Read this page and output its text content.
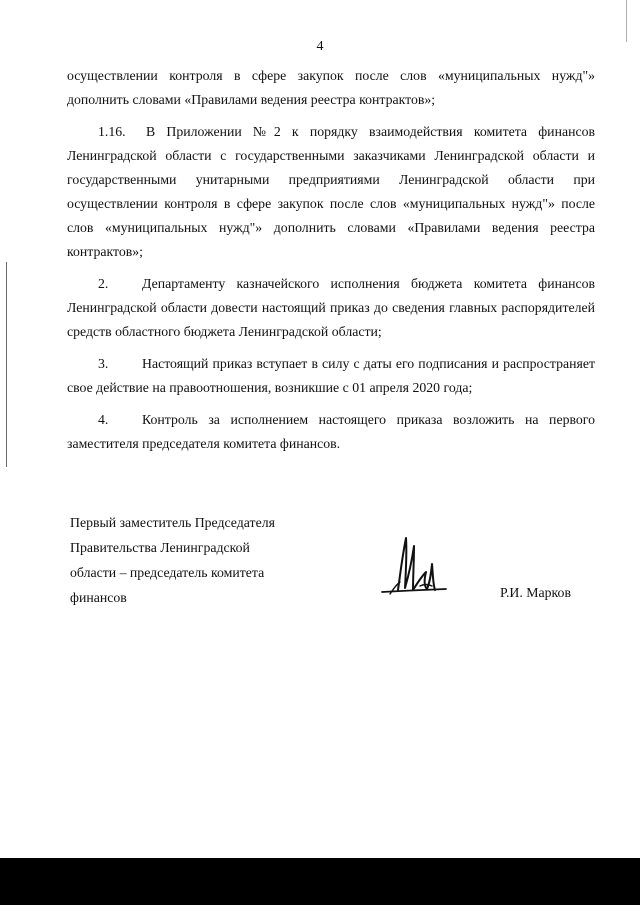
4

осуществлении контроля в сфере закупок после слов «муниципальных нужд"» дополнить словами «Правилами ведения реестра контрактов»;

1.16. В Приложении №2 к порядку взаимодействия комитета финансов Ленинградской области с государственными заказчиками Ленинградской области и государственными унитарными предприятиями Ленинградской области при осуществлении контроля в сфере закупок после слов «муниципальных нужд"» после слов «муниципальных нужд"» дополнить словами «Правилами ведения реестра контрактов»;

2. Департаменту казначейского исполнения бюджета комитета финансов Ленинградской области довести настоящий приказ до сведения главных распорядителей средств областного бюджета Ленинградской области;

3. Настоящий приказ вступает в силу с даты его подписания и распространяет свое действие на правоотношения, возникшие с 01 апреля 2020 года;

4. Контроль за исполнением настоящего приказа возложить на первого заместителя председателя комитета финансов.

Первый заместитель Председателя
Правительства Ленинградской
области – председатель комитета
финансов	Р.И. Марков
